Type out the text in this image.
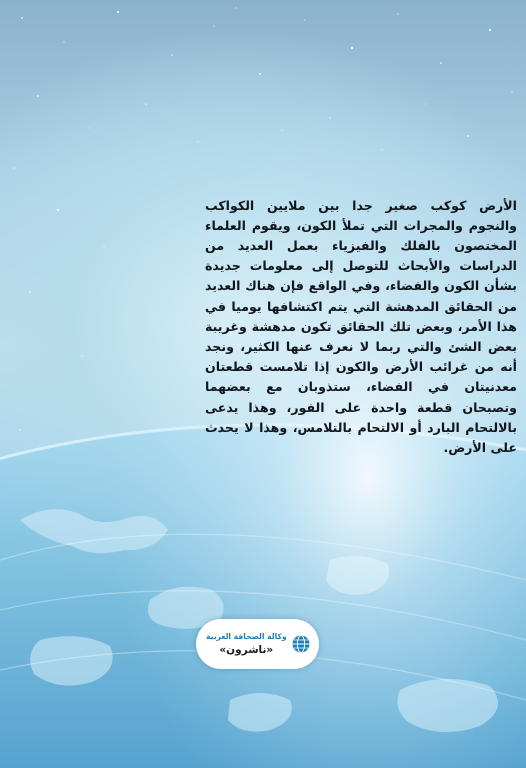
الأرض كوكب صغير جدا بين ملايين الكواكب والنجوم والمجرات التي تملأ الكون، ويقوم العلماء المختصون بالفلك والفيزياء بعمل العديد من الدراسات والأبحاث للتوصل إلى معلومات جديدة بشأن الكون والفضاء، وفي الواقع فإن هناك العديد من الحقائق المدهشة التي يتم اكتشافها يوميا في هذا الأمر، وبعض تلك الحقائق تكون مدهشة وغريبة بعض الشئ والتي ربما لا نعرف عنها الكثير، ونجد أنه من غرائب الأرض والكون إذا تلامست قطعتان معدنيتان في الفضاء، ستذوبان مع بعضهما وتصبحان قطعة واحدة على الفور، وهذا يدعى بالالتحام البارد أو الالتحام بالتلامس، وهذا لا يحدث على الأرض.

وكالة الصحافة العربية
«ناشرون»
